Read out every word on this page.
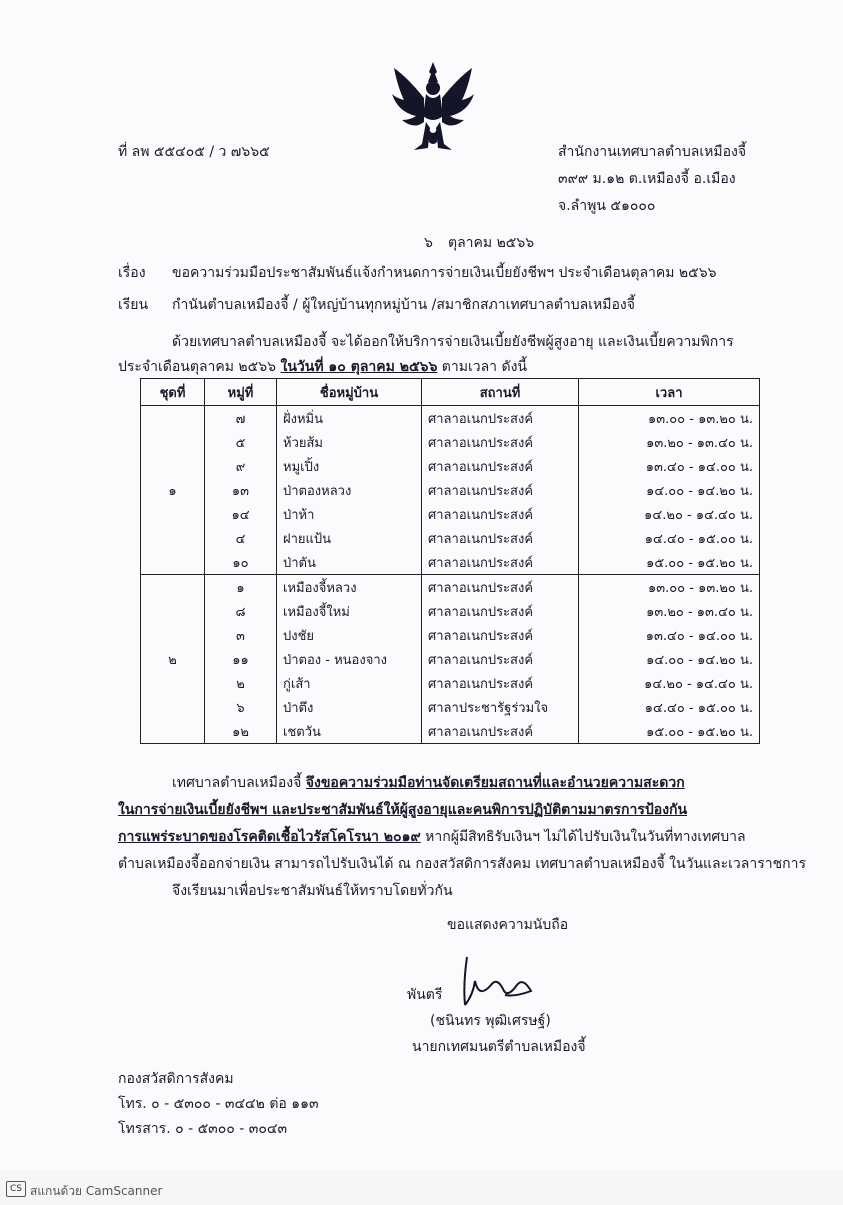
ที่ ลพ ๕๕๔๐๕ / ว ๗๖๖๕	สำนักงานเทศบาลตำบลเหมืองจี้
๓๙๙ ม.๑๒ ต.เหมืองจี้ อ.เมือง
จ.ลำพูน ๕๑๐๐๐
๖ ตุลาคม ๒๕๖๖
เรื่อง ขอความร่วมมือประชาสัมพันธ์แจ้งกำหนดการจ่ายเงินเบี้ยยังชีพฯ ประจำเดือนตุลาคม ๒๕๖๖
เรียน กำนันตำบลเหมืองจี้ / ผู้ใหญ่บ้านทุกหมู่บ้าน /สมาชิกสภาเทศบาลตำบลเหมืองจี้
ด้วยเทศบาลตำบลเหมืองจี้ จะได้ออกให้บริการจ่ายเงินเบี้ยยังชีพผู้สูงอายุ และเงินเบี้ยความพิการ
ประจำเดือนตุลาคม ๒๕๖๖ ในวันที่ ๑๐ ตุลาคม ๒๕๖๖ ตามเวลา ดังนี้
ชุดที่	หมู่ที่	ชื่อหมู่บ้าน	สถานที่	เวลา
๑	๗	ฝั่งหมิ่น	ศาลาอเนกประสงค์	๑๓.๐๐ - ๑๓.๒๐ น.
	๕	ห้วยส้ม	ศาลาอเนกประสงค์	๑๓.๒๐ - ๑๓.๔๐ น.
	๙	หมูเปิ้ง	ศาลาอเนกประสงค์	๑๓.๔๐ - ๑๔.๐๐ น.
	๑๓	ป่าตองหลวง	ศาลาอเนกประสงค์	๑๔.๐๐ - ๑๔.๒๐ น.
	๑๔	ป่าห้า	ศาลาอเนกประสงค์	๑๔.๒๐ - ๑๔.๔๐ น.
	๔	ฝายแป้น	ศาลาอเนกประสงค์	๑๔.๔๐ - ๑๕.๐๐ น.
	๑๐	ป่าตัน	ศาลาอเนกประสงค์	๑๕.๐๐ - ๑๕.๒๐ น.
๒	๑	เหมืองจี้หลวง	ศาลาอเนกประสงค์	๑๓.๐๐ - ๑๓.๒๐ น.
	๘	เหมืองจี้ใหม่	ศาลาอเนกประสงค์	๑๓.๒๐ - ๑๓.๔๐ น.
	๓	ปงชัย	ศาลาอเนกประสงค์	๑๓.๔๐ - ๑๔.๐๐ น.
	๑๑	ป่าตอง - หนองจาง	ศาลาอเนกประสงค์	๑๔.๐๐ - ๑๔.๒๐ น.
	๒	กู่เส้า	ศาลาอเนกประสงค์	๑๔.๒๐ - ๑๔.๔๐ น.
	๖	ป่าตึง	ศาลาประชารัฐร่วมใจ	๑๔.๔๐ - ๑๕.๐๐ น.
	๑๒	เชตวัน	ศาลาอเนกประสงค์	๑๕.๐๐ - ๑๕.๒๐ น.
เทศบาลตำบลเหมืองจี้ จึงขอความร่วมมือท่านจัดเตรียมสถานที่และอำนวยความสะดวก
ในการจ่ายเงินเบี้ยยังชีพฯ และประชาสัมพันธ์ให้ผู้สูงอายุและคนพิการปฏิบัติตามมาตรการป้องกัน
การแพร่ระบาดของโรคติดเชื้อไวรัสโคโรนา ๒๐๑๙ หากผู้มีสิทธิรับเงินฯ ไม่ได้ไปรับเงินในวันที่ทางเทศบาล
ตำบลเหมืองจี้ออกจ่ายเงิน สามารถไปรับเงินได้ ณ กองสวัสดิการสังคม เทศบาลตำบลเหมืองจี้ ในวันและเวลาราชการ
จึงเรียนมาเพื่อประชาสัมพันธ์ให้ทราบโดยทั่วกัน
ขอแสดงความนับถือ
พันตรี
(ชนินทร พุฒิเศรษฐ์)
นายกเทศมนตรีตำบลเหมืองจี้
กองสวัสดิการสังคม
โทร. ๐ - ๕๓๐๐ - ๓๔๔๒ ต่อ ๑๑๓
โทรสาร. ๐ - ๕๓๐๐ - ๓๐๔๓
CS สแกนด้วย CamScanner
